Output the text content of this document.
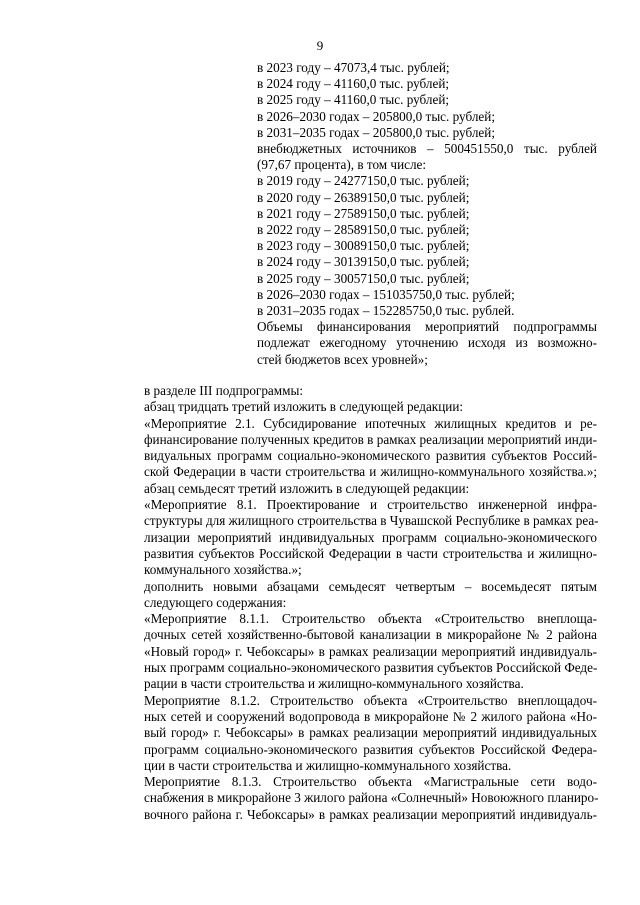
9
в 2023 году – 47073,4 тыс. рублей;
в 2024 году – 41160,0 тыс. рублей;
в 2025 году – 41160,0 тыс. рублей;
в 2026–2030 годах – 205800,0 тыс. рублей;
в 2031–2035 годах – 205800,0 тыс. рублей;
внебюджетных источников – 500451550,0 тыс. рублей
(97,67 процента), в том числе:
в 2019 году – 24277150,0 тыс. рублей;
в 2020 году – 26389150,0 тыс. рублей;
в 2021 году – 27589150,0 тыс. рублей;
в 2022 году – 28589150,0 тыс. рублей;
в 2023 году – 30089150,0 тыс. рублей;
в 2024 году – 30139150,0 тыс. рублей;
в 2025 году – 30057150,0 тыс. рублей;
в 2026–2030 годах – 151035750,0 тыс. рублей;
в 2031–2035 годах – 152285750,0 тыс. рублей.
Объемы финансирования мероприятий подпрограммы
подлежат ежегодному уточнению исходя из возможно-
стей бюджетов всех уровней»;
в разделе III подпрограммы:
абзац тридцать третий изложить в следующей редакции:
«Мероприятие 2.1. Субсидирование ипотечных жилищных кредитов и ре-
финансирование полученных кредитов в рамках реализации мероприятий инди-
видуальных программ социально-экономического развития субъектов Россий-
ской Федерации в части строительства и жилищно-коммунального хозяйства.»;
абзац семьдесят третий изложить в следующей редакции:
«Мероприятие 8.1. Проектирование и строительство инженерной инфра-
структуры для жилищного строительства в Чувашской Республике в рамках реа-
лизации мероприятий индивидуальных программ социально-экономического
развития субъектов Российской Федерации в части строительства и жилищно-
коммунального хозяйства.»;
дополнить новыми абзацами семьдесят четвертым – восемьдесят пятым
следующего содержания:
«Мероприятие 8.1.1. Строительство объекта «Строительство внеплоща-
дочных сетей хозяйственно-бытовой канализации в микрорайоне № 2 района
«Новый город» г. Чебоксары» в рамках реализации мероприятий индивидуаль-
ных программ социально-экономического развития субъектов Российской Феде-
рации в части строительства и жилищно-коммунального хозяйства.
Мероприятие 8.1.2. Строительство объекта «Строительство внеплощадоч-
ных сетей и сооружений водопровода в микрорайоне № 2 жилого района «Но-
вый город» г. Чебоксары» в рамках реализации мероприятий индивидуальных
программ социально-экономического развития субъектов Российской Федера-
ции в части строительства и жилищно-коммунального хозяйства.
Мероприятие 8.1.3. Строительство объекта «Магистральные сети водо-
снабжения в микрорайоне 3 жилого района «Солнечный» Новоюжного планиро-
вочного района г. Чебоксары» в рамках реализации мероприятий индивидуаль-
